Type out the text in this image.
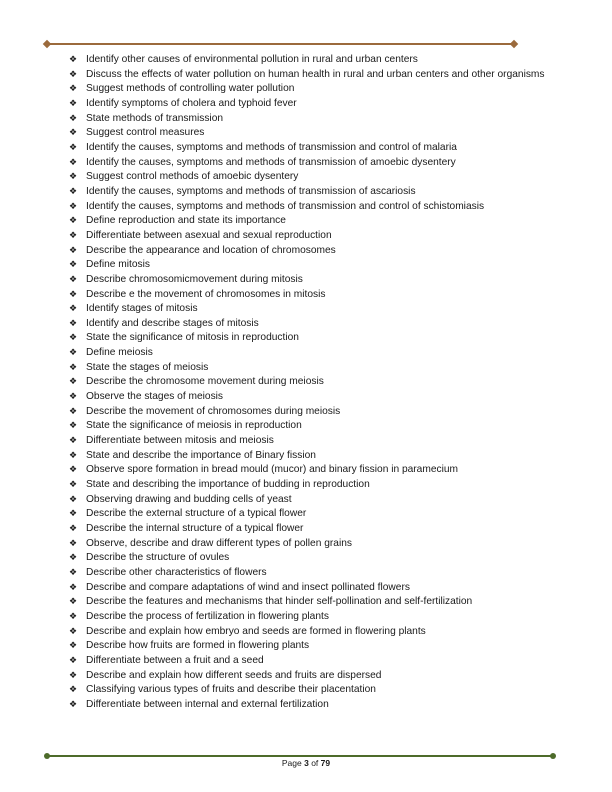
❖ Identify other causes of environmental pollution in rural and urban centers
❖ Discuss the effects of water pollution on human health in rural and urban centers and other organisms
❖ Suggest methods of controlling water pollution
❖ Identify symptoms of cholera and typhoid fever
❖ State methods of transmission
❖ Suggest control measures
❖ Identify the causes, symptoms and methods of transmission and control of malaria
❖ Identify the causes, symptoms and methods of transmission of amoebic dysentery
❖ Suggest control methods of amoebic dysentery
❖ Identify the causes, symptoms and methods of transmission of ascariosis
❖ Identify the causes, symptoms and methods of transmission and control of schistomiasis
❖ Define reproduction and state its importance
❖ Differentiate between asexual and sexual reproduction
❖ Describe the appearance and location of chromosomes
❖ Define mitosis
❖ Describe chromosomicmovement during mitosis
❖ Describe e the movement of chromosomes in mitosis
❖ Identify stages of mitosis
❖ Identify and describe stages of mitosis
❖ State the significance of mitosis in reproduction
❖ Define meiosis
❖ State the stages of meiosis
❖ Describe the chromosome movement during meiosis
❖ Observe the stages of meiosis
❖ Describe the movement of chromosomes during meiosis
❖ State the significance of meiosis in reproduction
❖ Differentiate between mitosis and meiosis
❖ State and describe the importance of Binary fission
❖ Observe spore formation in bread mould (mucor) and binary fission in paramecium
❖ State and describing the importance of budding in reproduction
❖ Observing drawing and budding cells of yeast
❖ Describe the external structure of a typical flower
❖ Describe the internal structure of a typical flower
❖ Observe, describe and draw different types of pollen grains
❖ Describe the structure of ovules
❖ Describe other characteristics of flowers
❖ Describe and compare adaptations of wind and insect pollinated flowers
❖ Describe the features and mechanisms that hinder self-pollination and self-fertilization
❖ Describe the process of fertilization in flowering plants
❖ Describe and explain how embryo and seeds are formed in flowering plants
❖ Describe how fruits are formed in flowering plants
❖ Differentiate between a fruit and a seed
❖ Describe and explain how different seeds and fruits are dispersed
❖ Classifying various types of fruits and describe their placentation
❖ Differentiate between internal and external fertilization
Page 3 of 79
